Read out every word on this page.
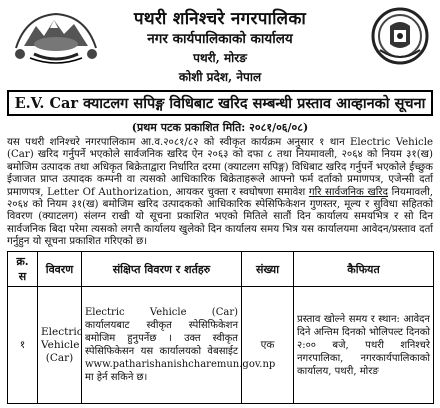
पथरी शनिश्चरे नगरपालिका
नगर कार्यपालिकाको कार्यालय
पथरी, मोरङ
कोशी प्रदेश, नेपाल
E.V. Car क्याटलग सपिङ्ग विधिबाट खरिद सम्बन्धी प्रस्ताव आव्हानको सूचना
(प्रथम पटक प्रकाशित मिति: २०८१/०६/०८)

यस पथरी शनिश्चरे नगरपालिकाम आ.व.२०८१/८२ को स्वीकृत कार्यक्रम अनुसार १ थान Electric Vehicle (Car) खरिद गर्नुपर्ने भएकोले सार्वजनिक खरिद ऐन २०६३ को दफा ८ तथा नियमावली, २०६४ को नियम ३१(ख) बमोजिम उत्पादक तथा अधिकृत बिक्रेताद्वारा निर्धारित दरमा (क्याटलग सपिङ्ग) विधिबाट खरिद गर्नुपर्ने भएकोले ईच्छुक ईजाजत प्राप्त उत्पादक कम्पनी वा त्यसको आधिकारिक बिक्रेताहरूले आफ्नो फर्म दर्ताको प्रमाणपत्र, एजेन्सी दर्ता प्रमाणपत्र, Letter Of Authorization, आयकर चुक्ता र स्वघोषणा समावेश गरि सार्वजनिक खरिद नियमावली, २०६४ को नियम ३१(ख) बमोजिम खरिद उत्पादकको आधिकारिक स्पेसिफिकेशन गुणस्तर, मूल्य र सुविधा सहितको विवरण (क्याटलग) संलग्न राखी यो सूचना प्रकाशित भएको मितिले सातौं दिन कार्यालय समयभित्र र सो दिन सार्वजनिक बिदा परेमा त्यसको लगत्तै कार्यालय खुलेको दिन कार्यालय समय भित्र यस कार्यालयमा आवेदन/प्रस्ताव दर्ता गर्नुहुन यो सूचना प्रकाशित गरिएको छ।

क्र. स	विवरण	संक्षिप्त विवरण र शर्तहरु	संख्या	कैफियत
१	Electric Vehicle (Car)	Electric Vehicle (Car) कार्यालयबाट स्वीकृत स्पेसिफिकेशन बमोजिम हुनुपर्नेछ । उक्त स्वीकृत स्पेसिफिकेसन यस कार्यालयको वेबसाईट www.patharishanishcharemun.gov.np मा हेर्न सकिने छ।	एक	प्रस्ताव खोल्ने समय र स्थान: आवेदन दिने अन्तिम दिनको भोलिपल्ट दिनको २:०० बजे, पथरी शनिश्चरे नगरपालिका, नगरकार्यपालिकाको कार्यालय, पथरी, मोरङ
